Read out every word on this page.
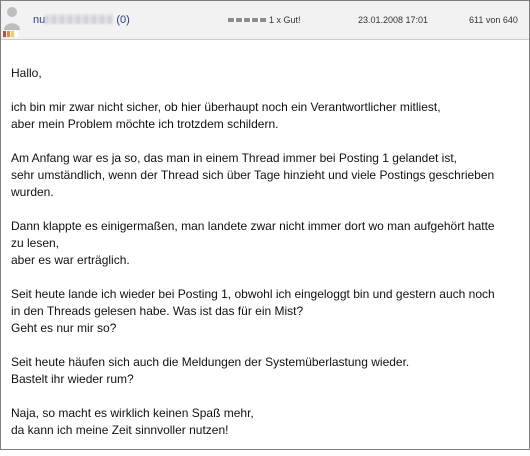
nu	(0)	1 x Gut!	23.01.2008 17:01	611 von 640

Hallo,

ich bin mir zwar nicht sicher, ob hier überhaupt noch ein Verantwortlicher mitliest,
aber mein Problem möchte ich trotzdem schildern.

Am Anfang war es ja so, das man in einem Thread immer bei Posting 1 gelandet ist,
sehr umständlich, wenn der Thread sich über Tage hinzieht und viele Postings geschrieben
wurden.

Dann klappte es einigermaßen, man landete zwar nicht immer dort wo man aufgehört hatte
zu lesen,
aber es war erträglich.

Seit heute lande ich wieder bei Posting 1, obwohl ich eingeloggt bin und gestern auch noch
in den Threads gelesen habe. Was ist das für ein Mist?
Geht es nur mir so?

Seit heute häufen sich auch die Meldungen der Systemüberlastung wieder.
Bastelt ihr wieder rum?

Naja, so macht es wirklich keinen Spaß mehr,
da kann ich meine Zeit sinnvoller nutzen!
